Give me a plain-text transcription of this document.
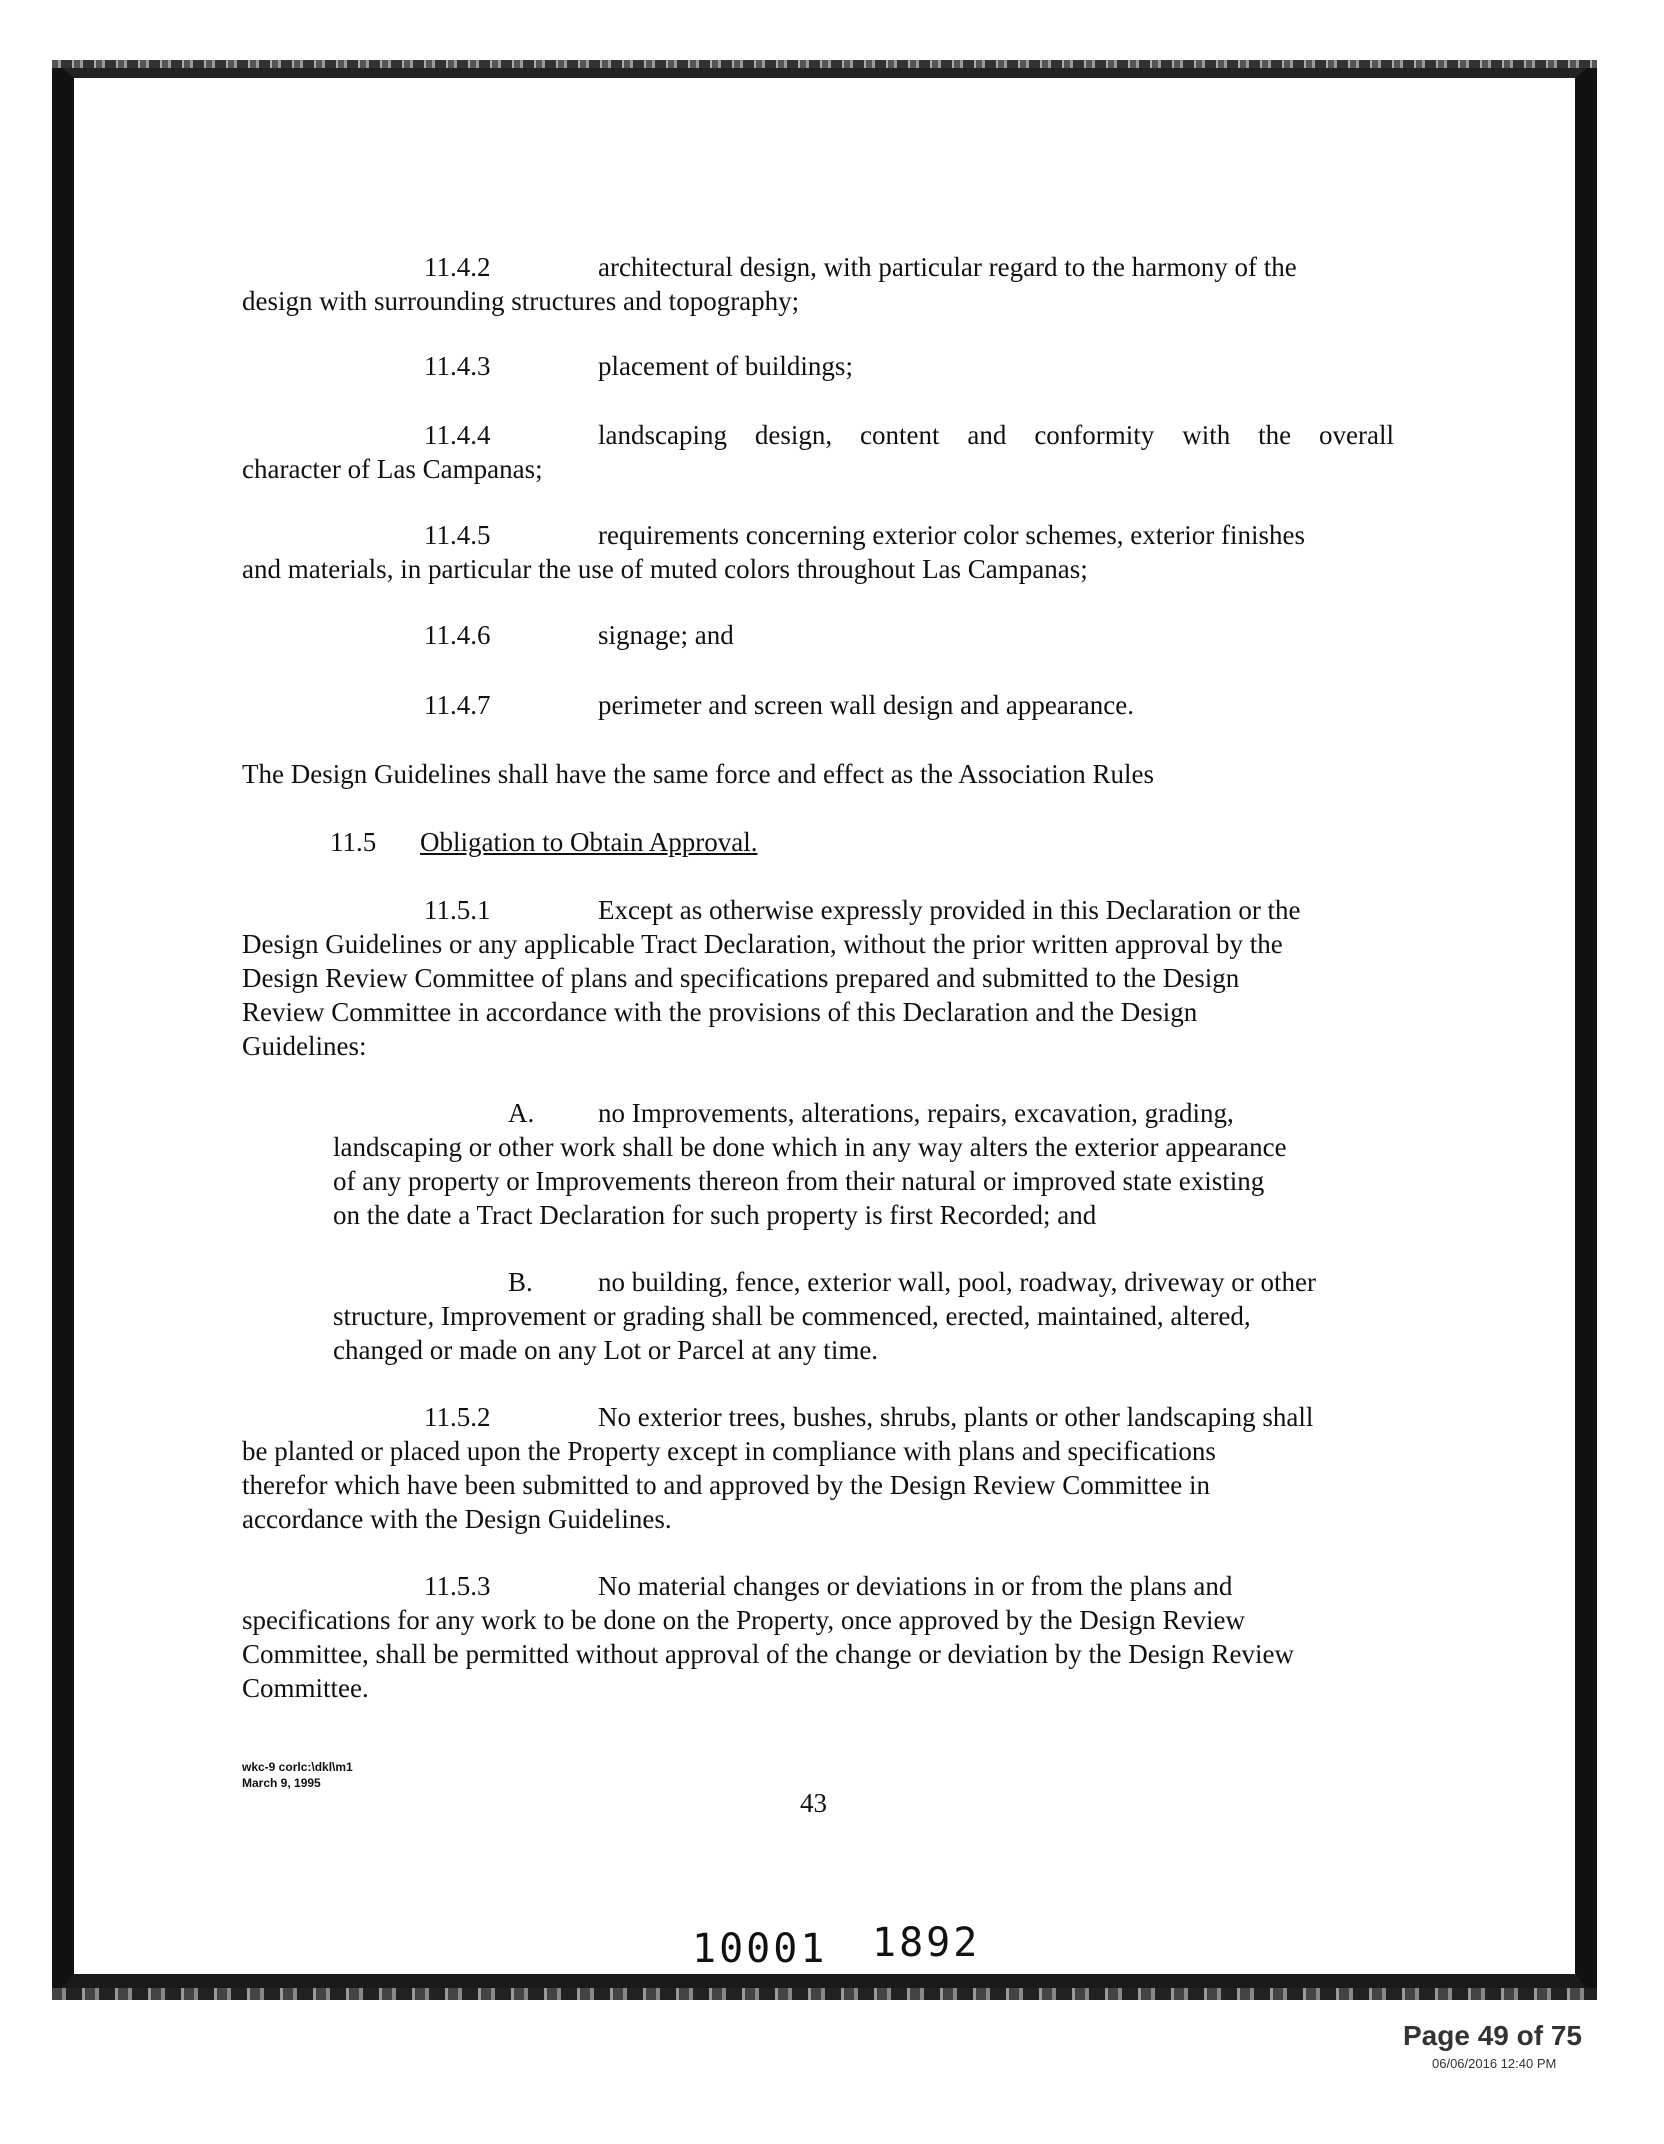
11.4.2	architectural design, with particular regard to the harmony of the
design with surrounding structures and topography;
11.4.3	placement of buildings;
11.4.4	landscaping design, content and conformity with the overall
character of Las Campanas;
11.4.5	requirements concerning exterior color schemes, exterior finishes
and materials, in particular the use of muted colors throughout Las Campanas;
11.4.6	signage; and
11.4.7	perimeter and screen wall design and appearance.
The Design Guidelines shall have the same force and effect as the Association Rules
11.5 Obligation to Obtain Approval.
11.5.1	Except as otherwise expressly provided in this Declaration or the
Design Guidelines or any applicable Tract Declaration, without the prior written approval by the
Design Review Committee of plans and specifications prepared and submitted to the Design
Review Committee in accordance with the provisions of this Declaration and the Design
Guidelines:
A. no Improvements, alterations, repairs, excavation, grading,
landscaping or other work shall be done which in any way alters the exterior appearance
of any property or Improvements thereon from their natural or improved state existing
on the date a Tract Declaration for such property is first Recorded; and
B. no building, fence, exterior wall, pool, roadway, driveway or other
structure, Improvement or grading shall be commenced, erected, maintained, altered,
changed or made on any Lot or Parcel at any time.
11.5.2	No exterior trees, bushes, shrubs, plants or other landscaping shall
be planted or placed upon the Property except in compliance with plans and specifications
therefor which have been submitted to and approved by the Design Review Committee in
accordance with the Design Guidelines.
11.5.3	No material changes or deviations in or from the plans and
specifications for any work to be done on the Property, once approved by the Design Review
Committee, shall be permitted without approval of the change or deviation by the Design Review
Committee.
wkc-9 corlc:\dkl\m1
March 9, 1995
43
10001 1892
Page 49 of 75
06/06/2016 12:40 PM
